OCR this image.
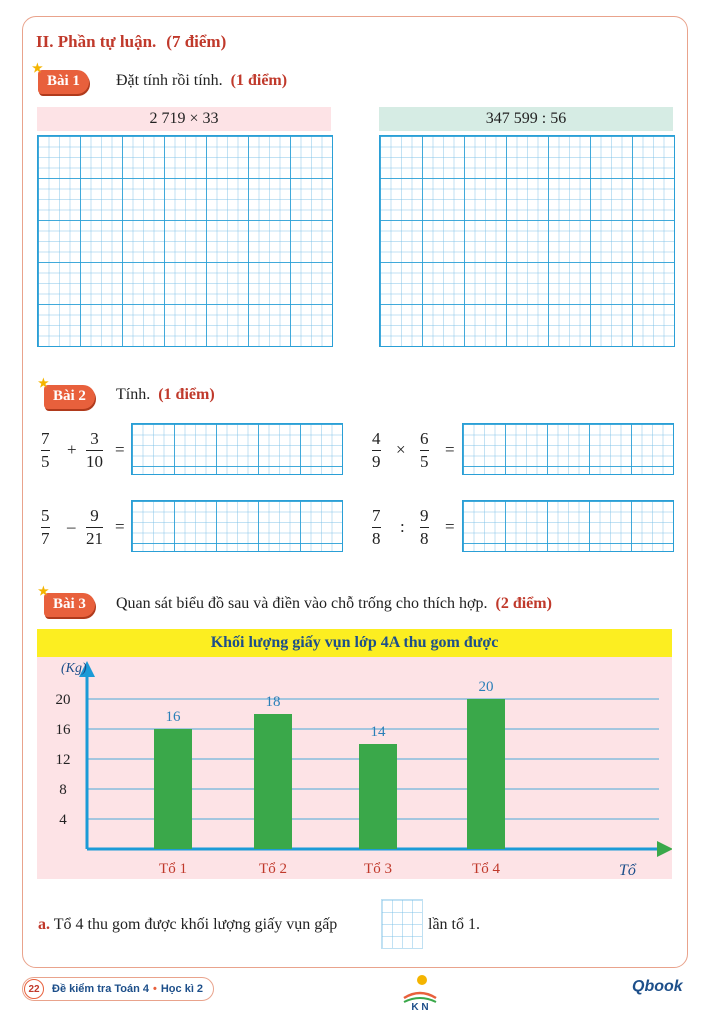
II. Phần tự luận. (7 điểm)
★
Bài 1	Đặt tính rồi tính. (1 điểm)
2 719 × 33	347 599 : 56
★
Bài 2	Tính. (1 điểm)
7
5
+
3
10
=
4
9
×
6
5
=
5
7
–
9
21
=
7
8
:
9
8
=
★
Bài 3	Quan sát biểu đồ sau và điền vào chỗ trống cho thích hợp. (2 điểm)
Khối lượng giấy vụn lớp 4A thu gom được
4
8
12
16
20
(Kg)
Tổ
16
Tổ 1
18
Tổ 2
14
Tổ 3
20
Tổ 4
a. Tổ 4 thu gom được khối lượng giấy vụn gấp	lần tổ 1.
22	Đề kiểm tra Toán 4 • Học kì 2
K N
Qbook
